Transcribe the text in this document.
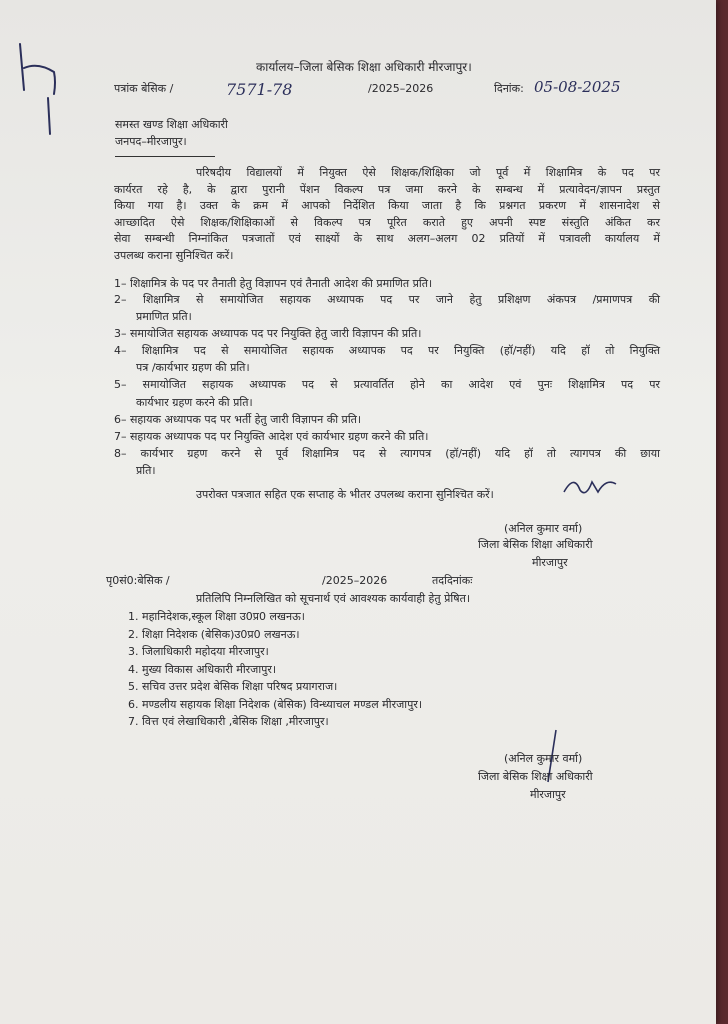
कार्यालय–जिला बेसिक शिक्षा अधिकारी मीरजापुर।
पत्रांक बेसिक /	7571-78	/2025–2026	दिनांक: 05-08-2025
समस्त खण्ड शिक्षा अधिकारी
जनपद–मीरजापुर।
परिषदीय विद्यालयों में नियुक्त ऐसे शिक्षक/शिक्षिका जो पूर्व में शिक्षामित्र के पद पर
कार्यरत रहे है, के द्वारा पुरानी पेंशन विकल्प पत्र जमा करने के सम्बन्ध में प्रत्यावेदन/ज्ञापन प्रस्तुत
किया गया है। उक्त के क्रम में आपको निर्देशित किया जाता है कि प्रश्नगत प्रकरण में शासनादेश से
आच्छादित ऐसे शिक्षक/शिक्षिकाओं से विकल्प पत्र पूरित कराते हुए अपनी स्पष्ट संस्तुति अंकित कर
सेवा सम्बन्धी निम्नांकित पत्रजातों एवं साक्ष्यों के साथ अलग–अलग 02 प्रतियों में पत्रावली कार्यालय में
उपलब्ध कराना सुनिश्चित करें।
1– शिक्षामित्र के पद पर तैनाती हेतु विज्ञापन एवं तैनाती आदेश की प्रमाणित प्रति।
2– शिक्षामित्र से समायोजित सहायक अध्यापक पद पर जाने हेतु प्रशिक्षण अंकपत्र /प्रमाणपत्र की
प्रमाणित प्रति।
3– समायोजित सहायक अध्यापक पद पर नियुक्ति हेतु जारी विज्ञापन की प्रति।
4– शिक्षामित्र पद से समायोजित सहायक अध्यापक पद पर नियुक्ति (हॉ/नहीं) यदि हॉ तो नियुक्ति
पत्र /कार्यभार ग्रहण की प्रति।
5– समायोजित सहायक अध्यापक पद से प्रत्यावर्तित होने का आदेश एवं पुनः शिक्षामित्र पद पर
कार्यभार ग्रहण करने की प्रति।
6– सहायक अध्यापक पद पर भर्ती हेतु जारी विज्ञापन की प्रति।
7– सहायक अध्यापक पद पर नियुक्ति आदेश एवं कार्यभार ग्रहण करने की प्रति।
8– कार्यभार ग्रहण करने से पूर्व शिक्षामित्र पद से त्यागपत्र (हॉ/नहीं) यदि हॉ तो त्यागपत्र की छाया
प्रति।
उपरोक्त पत्रजात सहित एक सप्ताह के भीतर उपलब्ध कराना सुनिश्चित करें।
(अनिल कुमार वर्मा)
जिला बेसिक शिक्षा अधिकारी
मीरजापुर
पृ0सं0:बेसिक /	/2025–2026	तददिनांकः
प्रतिलिपि निम्नलिखित को सूचनार्थ एवं आवश्यक कार्यवाही हेतु प्रेषित।
1. महानिदेशक,स्कूल शिक्षा उ0प्र0 लखनऊ।
2. शिक्षा निदेशक (बेसिक)उ0प्र0 लखनऊ।
3. जिलाधिकारी महोदया मीरजापुर।
4. मुख्य विकास अधिकारी मीरजापुर।
5. सचिव उत्तर प्रदेश बेसिक शिक्षा परिषद प्रयागराज।
6. मण्डलीय सहायक शिक्षा निदेशक (बेसिक) विन्ध्याचल मण्डल मीरजापुर।
7. वित्त एवं लेखाधिकारी ,बेसिक शिक्षा ,मीरजापुर।
(अनिल कुमार वर्मा)
जिला बेसिक शिक्षा अधिकारी
मीरजापुर
